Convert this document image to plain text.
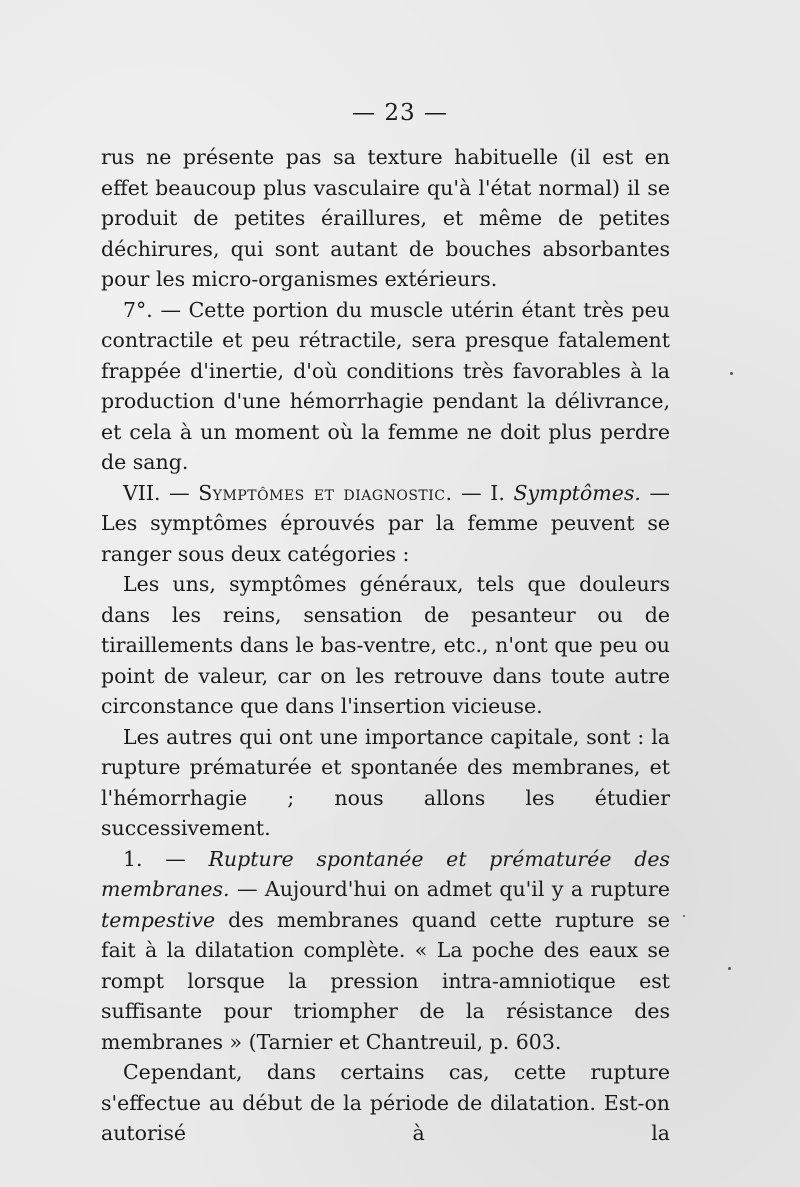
— 23 —

rus ne présente pas sa texture habituelle (il est en effet beaucoup plus vasculaire qu'à l'état normal) il se produit de petites éraillures, et même de petites déchirures, qui sont autant de bouches absorbantes pour les micro-organismes extérieurs.

7°. — Cette portion du muscle utérin étant très peu contractile et peu rétractile, sera presque fatalement frappée d'inertie, d'où conditions très favorables à la production d'une hémorrhagie pendant la délivrance, et cela à un moment où la femme ne doit plus perdre de sang.

VII. — Symptômes et diagnostic. — I. Symptômes. — Les symptômes éprouvés par la femme peuvent se ranger sous deux catégories :

Les uns, symptômes généraux, tels que douleurs dans les reins, sensation de pesanteur ou de tiraillements dans le bas-ventre, etc., n'ont que peu ou point de valeur, car on les retrouve dans toute autre circonstance que dans l'insertion vicieuse.

Les autres qui ont une importance capitale, sont : la rupture prématurée et spontanée des membranes, et l'hémorrhagie ; nous allons les étudier successivement.

1. — Rupture spontanée et prématurée des membranes. — Aujourd'hui on admet qu'il y a rupture tempestive des membranes quand cette rupture se fait à la dilatation complète. « La poche des eaux se rompt lorsque la pression intra-amniotique est suffisante pour triompher de la résistance des membranes » (Tarnier et Chantreuil, p. 603.

Cependant, dans certains cas, cette rupture s'effectue au début de la période de dilatation. Est-on autorisé à la
